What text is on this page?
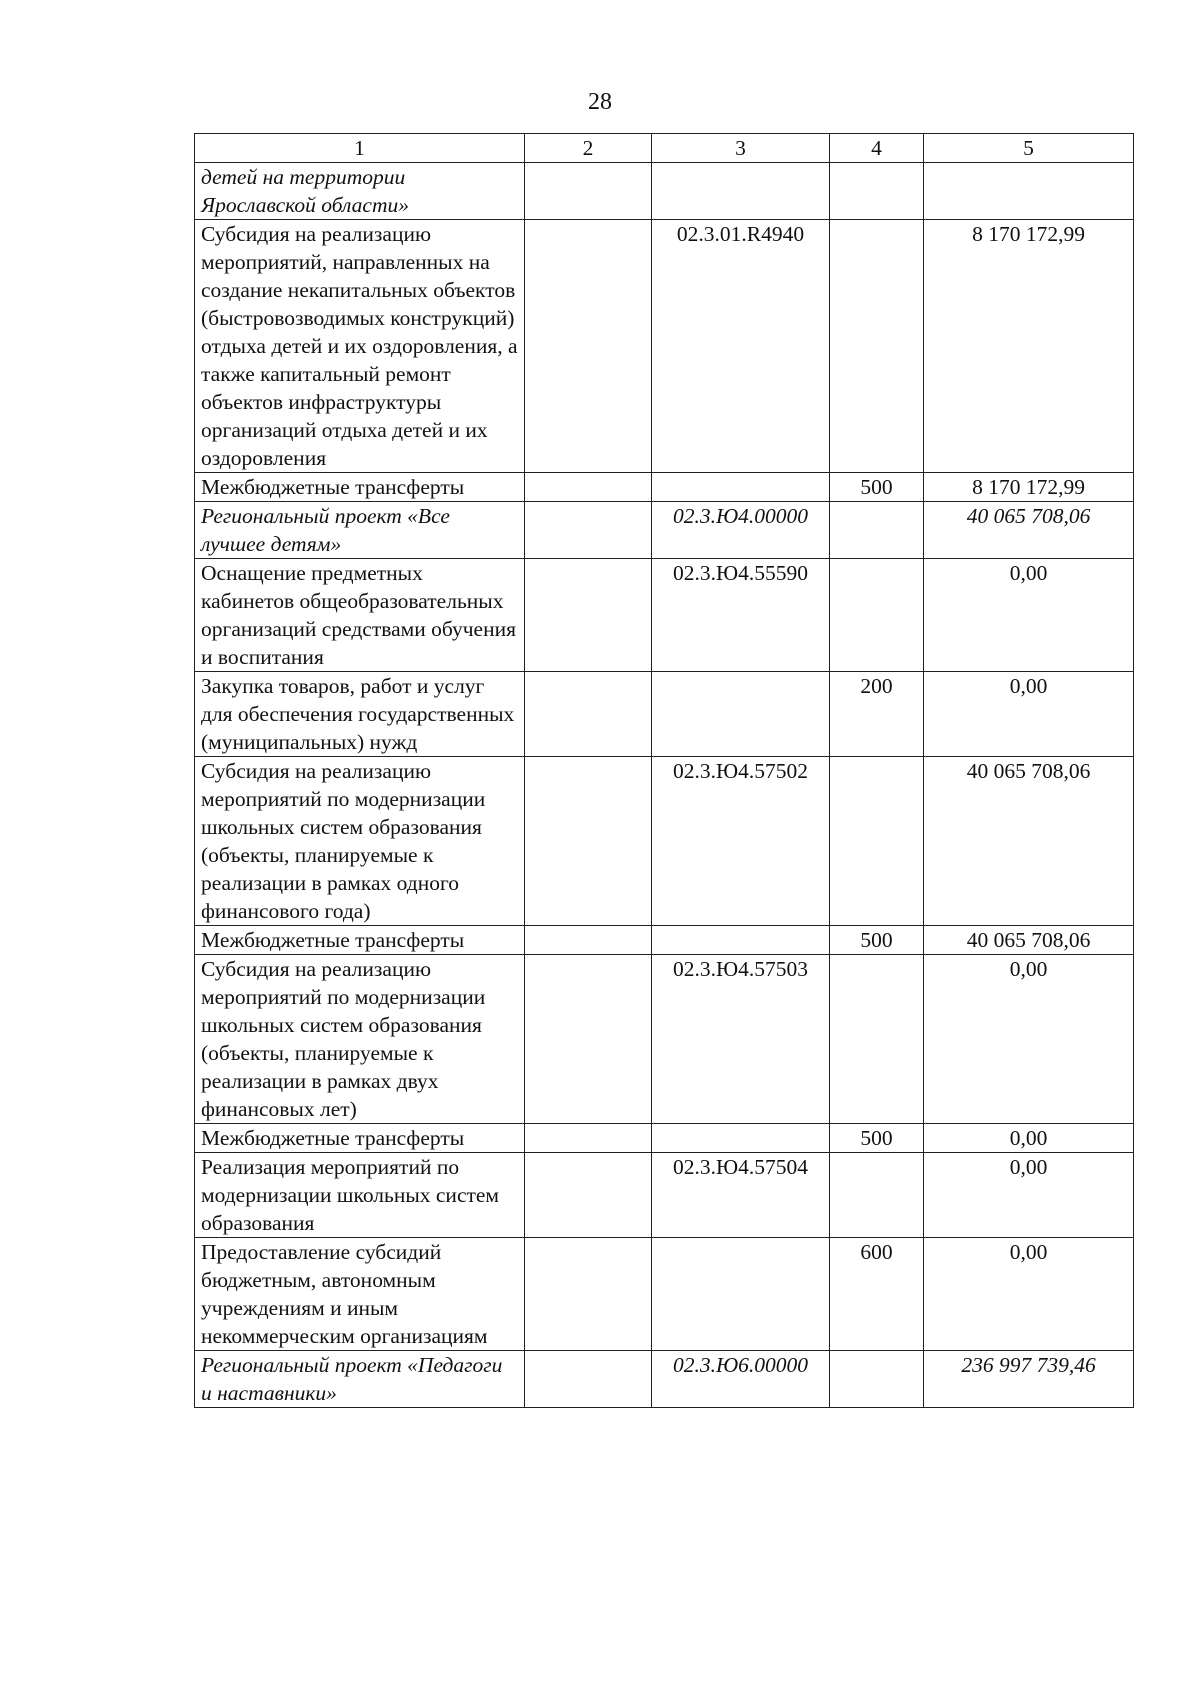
28
1	2	3	4	5
детей на территории Ярославской области»				
Субсидия на реализацию мероприятий, направленных на создание некапитальных объектов (быстровозводимых конструкций) отдыха детей и их оздоровления, а также капитальный ремонт объектов инфраструктуры организаций отдыха детей и их оздоровления		02.3.01.R4940		8 170 172,99
Межбюджетные трансферты			500	8 170 172,99
Региональный проект «Все лучшее детям»		02.3.Ю4.00000		40 065 708,06
Оснащение предметных кабинетов общеобразовательных организаций средствами обучения и воспитания		02.3.Ю4.55590		0,00
Закупка товаров, работ и услуг для обеспечения государственных (муниципальных) нужд			200	0,00
Субсидия на реализацию мероприятий по модернизации школьных систем образования (объекты, планируемые к реализации в рамках одного финансового года)		02.3.Ю4.57502		40 065 708,06
Межбюджетные трансферты			500	40 065 708,06
Субсидия на реализацию мероприятий по модернизации школьных систем образования (объекты, планируемые к реализации в рамках двух финансовых лет)		02.3.Ю4.57503		0,00
Межбюджетные трансферты			500	0,00
Реализация мероприятий по модернизации школьных систем образования		02.3.Ю4.57504		0,00
Предоставление субсидий бюджетным, автономным учреждениям и иным некоммерческим организациям			600	0,00
Региональный проект «Педагоги и наставники»		02.3.Ю6.00000		236 997 739,46
